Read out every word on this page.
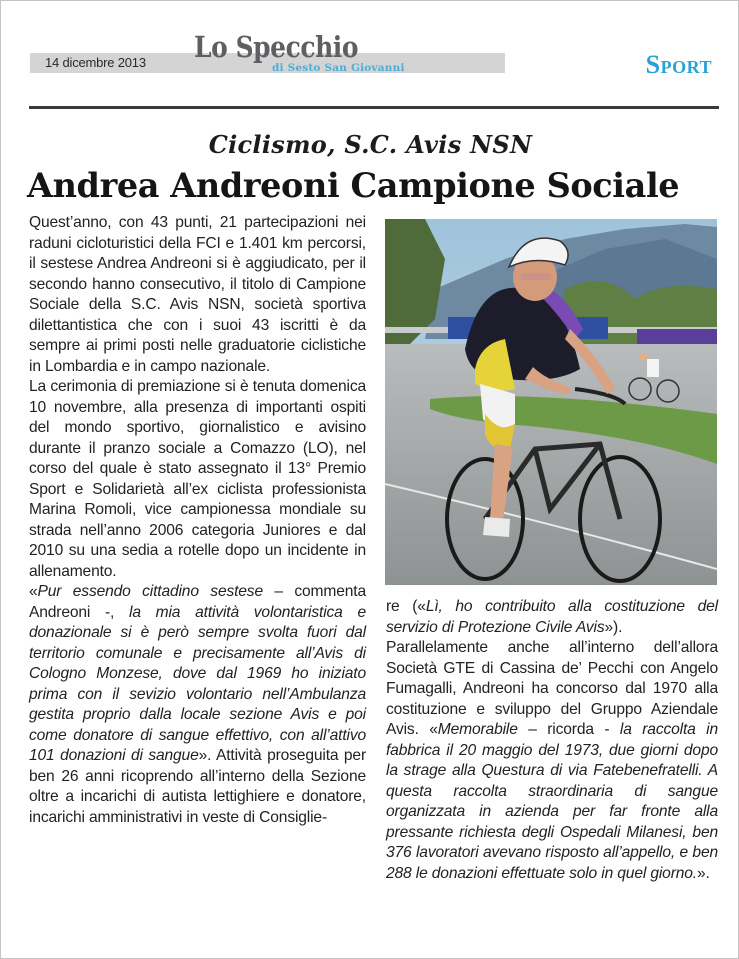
14 dicembre 2013 Lo Specchio
di Sesto San Giovanni	Sport
Ciclismo, S.C. Avis NSN
Andrea Andreoni Campione Sociale

Quest’anno, con 43 punti, 21 partecipazioni nei raduni cicloturistici della FCI e 1.401 km percorsi, il sestese Andrea Andreoni si è aggiudicato, per il secondo hanno consecutivo, il titolo di Campione Sociale della S.C. Avis NSN, società sportiva dilettantistica che con i suoi 43 iscritti è da sempre ai primi posti nelle graduatorie ciclistiche in Lombardia e in campo nazionale.

La cerimonia di premiazione si è tenuta domenica 10 novembre, alla presenza di importanti ospiti del mondo sportivo, giornalistico e avisino durante il pranzo sociale a Comazzo (LO), nel corso del quale è stato assegnato il 13° Premio Sport e Solidarietà all’ex ciclista professionista Marina Romoli, vice campionessa mondiale su strada nell’anno 2006 categoria Juniores e dal 2010 su una sedia a rotelle dopo un incidente in allenamento.

«Pur essendo cittadino sestese – commenta Andreoni -, la mia attività volontaristica e donazionale si è però sempre svolta fuori dal territorio comunale e precisamente all’Avis di Cologno Monzese, dove dal 1969 ho iniziato prima con il sevizio volontario nell’Ambulanza gestita proprio dalla locale sezione Avis e poi come donatore di sangue effettivo, con all’attivo 101 donazioni di sangue». Attività proseguita per ben 26 anni ricoprendo all’interno della Sezione oltre a incarichi di autista lettighiere e donatore, incarichi amministrativi in veste di Consiglie-

re («Lì, ho contribuito alla costituzione del servizio di Protezione Civile Avis»).

Parallelamente anche all’interno dell’allora Società GTE di Cassina de’ Pecchi con Angelo Fumagalli, Andreoni ha concorso dal 1970 alla costituzione e sviluppo del Gruppo Aziendale Avis. «Memorabile – ricorda - la raccolta in fabbrica il 20 maggio del 1973, due giorni dopo la strage alla Questura di via Fatebenefratelli. A questa raccolta straordinaria di sangue organizzata in azienda per far fronte alla pressante richiesta degli Ospedali Milanesi, ben 376 lavoratori avevano risposto all’appello, e ben 288 le donazioni effettuate solo in quel giorno.».
